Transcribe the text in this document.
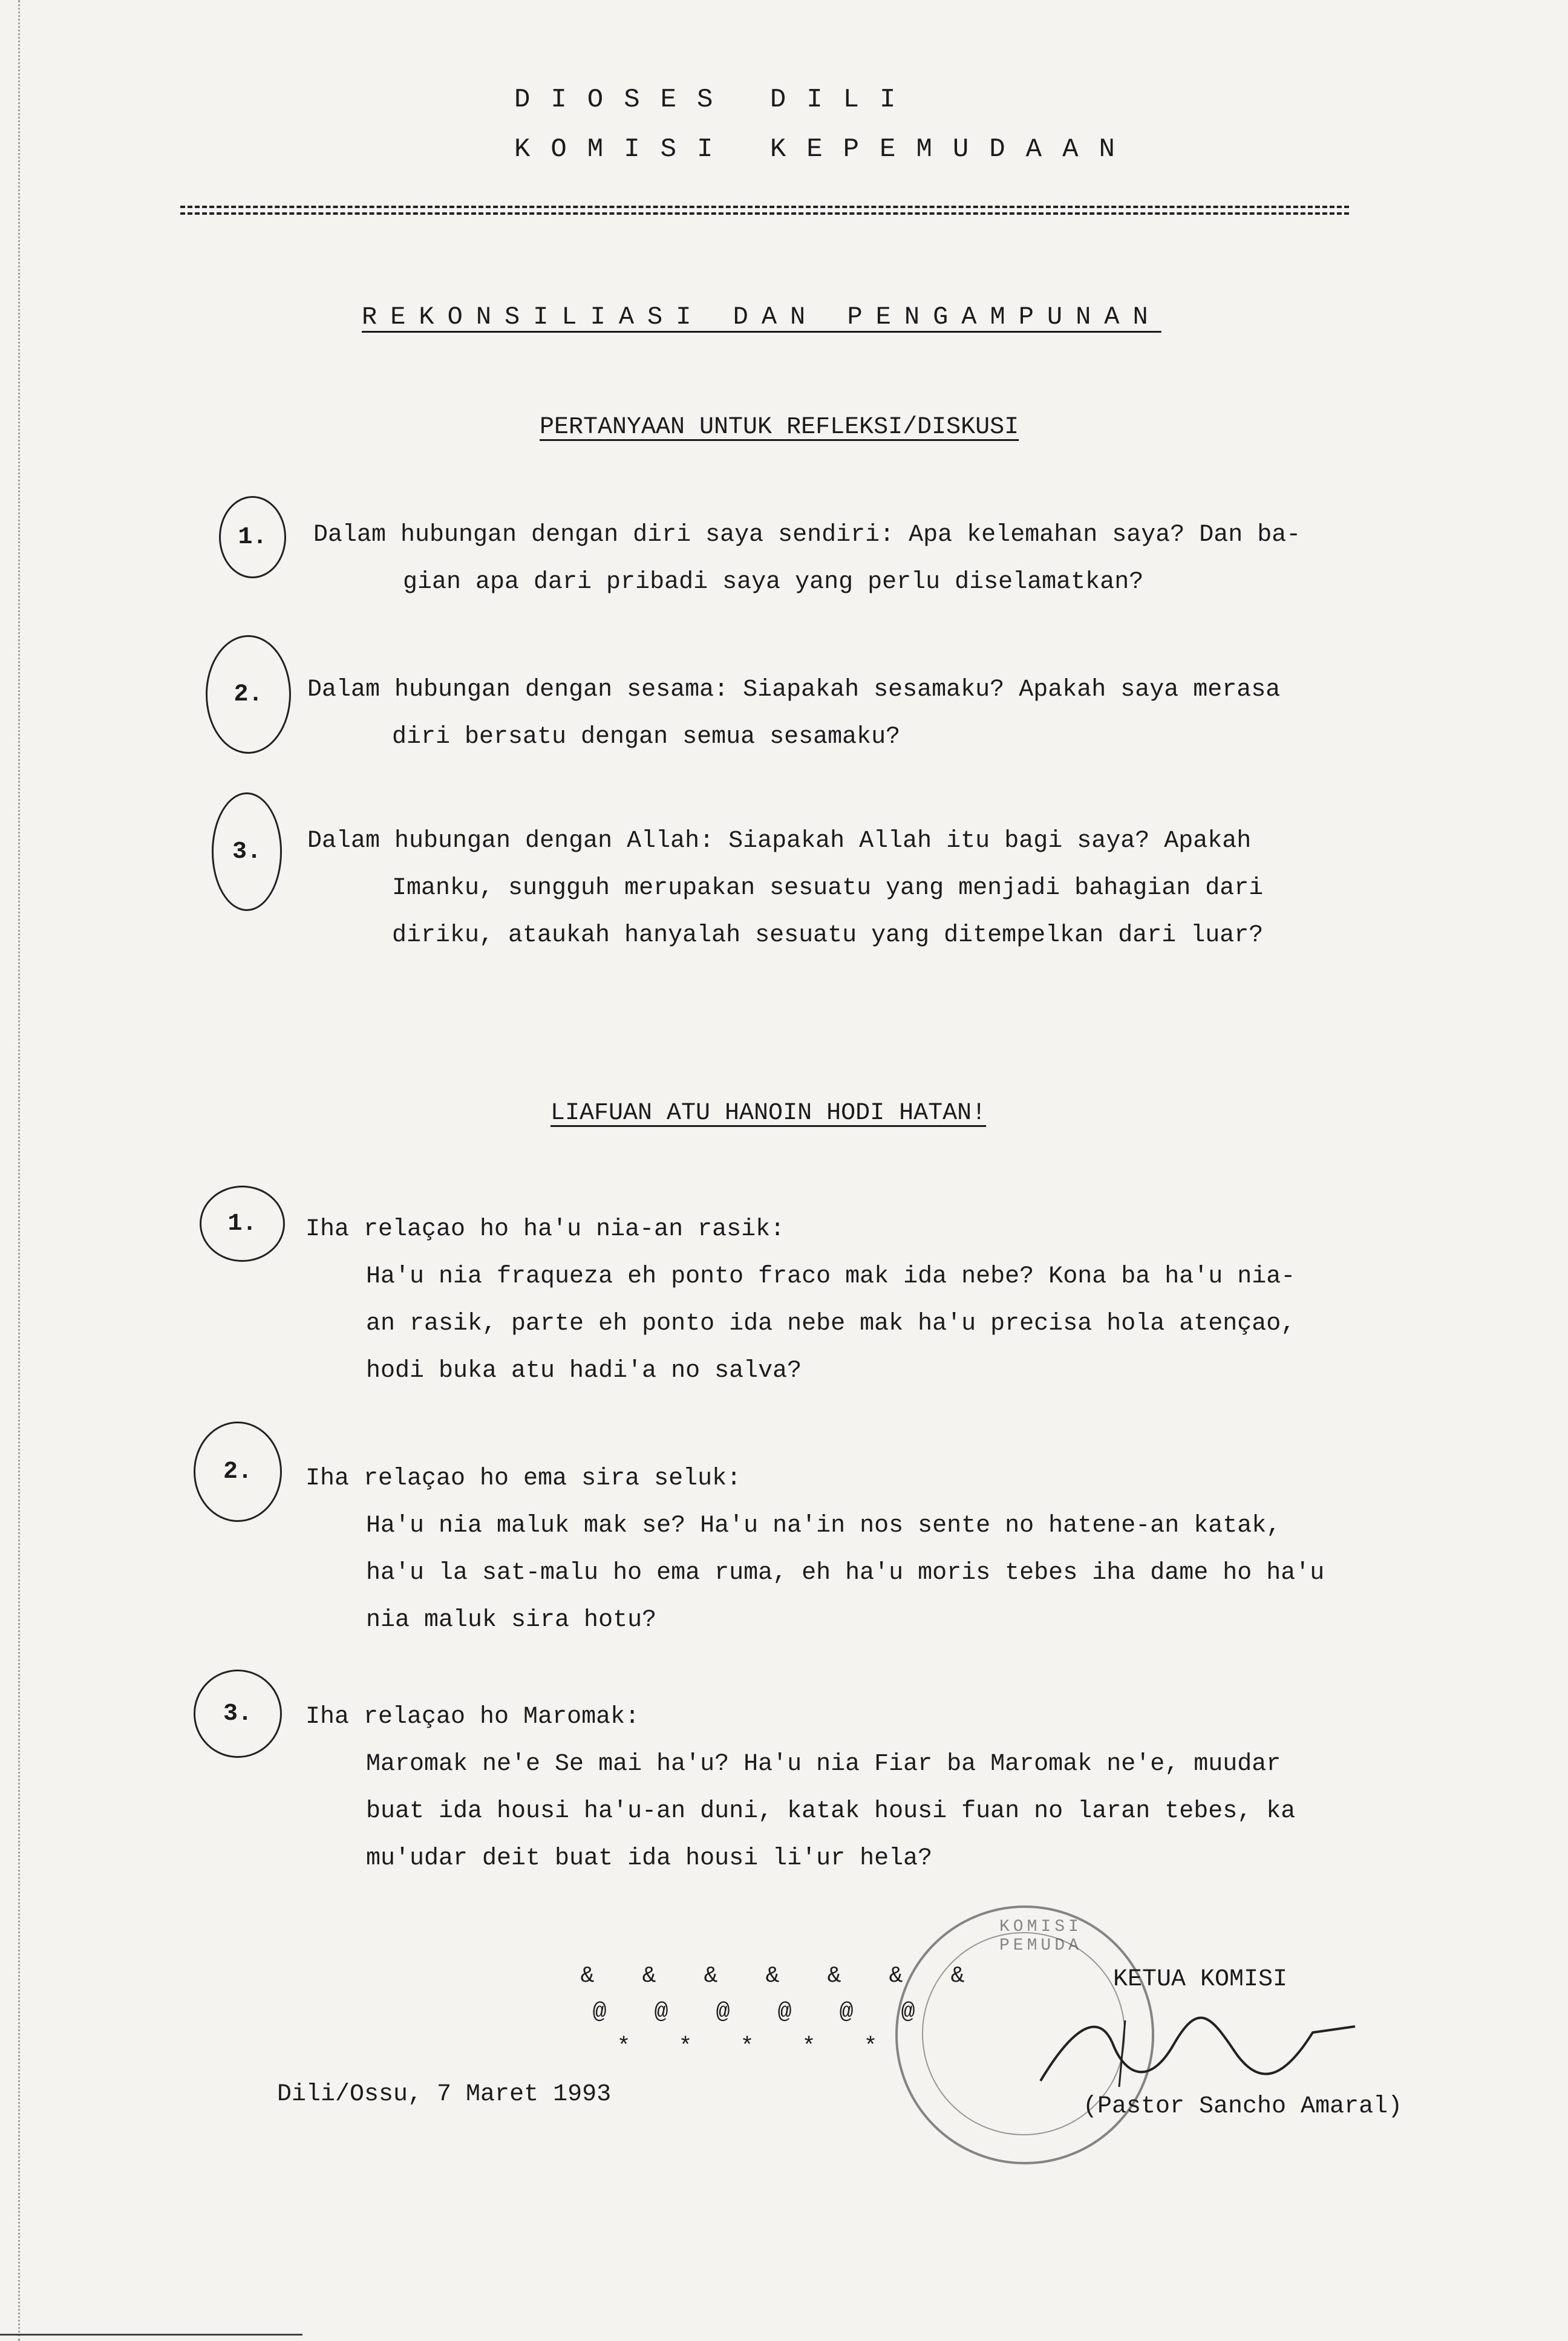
DIOSES DILI
KOMISI KEPEMUDAAN
REKONSILIASI DAN PENGAMPUNAN
PERTANYAAN UNTUK REFLEKSI/DISKUSI
1. Dalam hubungan dengan diri saya sendiri: Apa kelemahan saya? Dan ba-
gian apa dari pribadi saya yang perlu diselamatkan?
2. Dalam hubungan dengan sesama: Siapakah sesamaku? Apakah saya merasa
diri bersatu dengan semua sesamaku?
3. Dalam hubungan dengan Allah: Siapakah Allah itu bagi saya? Apakah
Imanku, sungguh merupakan sesuatu yang menjadi bahagian dari
diriku, ataukah hanyalah sesuatu yang ditempelkan dari luar?
LIAFUAN ATU HANOIN HODI HATAN!
1. Iha relaçao ho ha'u nia-an rasik:
Ha'u nia fraqueza eh ponto fraco mak ida nebe? Kona ba ha'u nia-
an rasik, parte eh ponto ida nebe mak ha'u precisa hola atençao,
hodi buka atu hadi'a no salva?
2. Iha relaçao ho ema sira seluk:
Ha'u nia maluk mak se? Ha'u na'in nos sente no hatene-an katak,
ha'u la sat-malu ho ema ruma, eh ha'u moris tebes iha dame ho ha'u
nia maluk sira hotu?
3. Iha relaçao ho Maromak:
Maromak ne'e Se mai ha'u? Ha'u nia Fiar ba Maromak ne'e, muudar
buat ida housi ha'u-an duni, katak housi fuan no laran tebes, ka
mu'udar deit buat ida housi li'ur hela?
& & & & & & &
@ @ @ @ @ @
* * * * *
KOMISI PEMUDA
KETUA KOMISI
Dili/Ossu, 7 Maret 1993	(Pastor Sancho Amaral)
